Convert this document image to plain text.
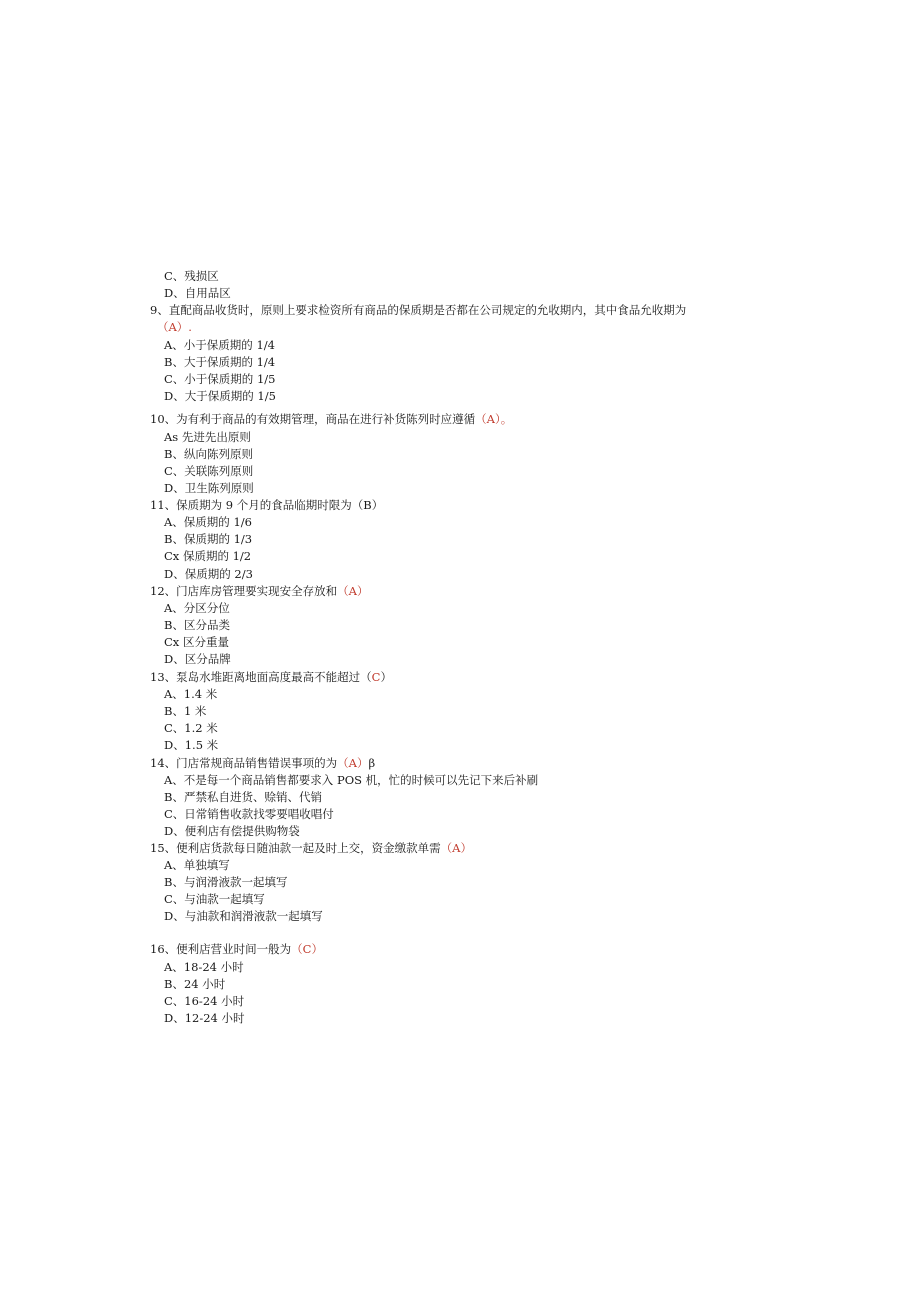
C、残损区
D、自用品区
9、直配商品收货时，原则上要求检资所有商品的保质期是否都在公司规定的允收期内，其中食品允收期为
（A）.
A、小于保质期的 1/4
B、大于保质期的 1/4
C、小于保质期的 1/5
D、大于保质期的 1/5
10、为有利于商品的有效期管理，商品在进行补货陈列时应遵循（A）。
As 先进先出原则
B、纵向陈列原则
C、关联陈列原则
D、卫生陈列原则
11、保质期为 9 个月的食品临期时限为（B）
A、保质期的 1/6
B、保质期的 1/3
Cx 保质期的 1/2
D、保质期的 2/3
12、门店库房管理要实现安全存放和（A）
A、分区分位
B、区分品类
Cx 区分重量
D、区分品牌
13、泵岛水堆距离地面高度最高不能超过（C）
A、1.4 米
B、1 米
C、1.2 米
D、1.5 米
14、门店常规商品销售错误事项的为（A）β
A、不是每一个商品销售都要求入 POS 机，忙的时候可以先记下来后补刷
B、严禁私自进货、赊销、代销
C、日常销售收款找零要唱收唱付
D、便利店有偿提供购物袋
15、便利店货款每日随油款一起及时上交，资金缴款单需（A）
A、单独填写
B、与润滑液款一起填写
C、与油款一起填写
D、与油款和润滑液款一起填写
16、便利店营业时间一般为（C）
A、18-24 小时
B、24 小时
C、16-24 小时
D、12-24 小时
